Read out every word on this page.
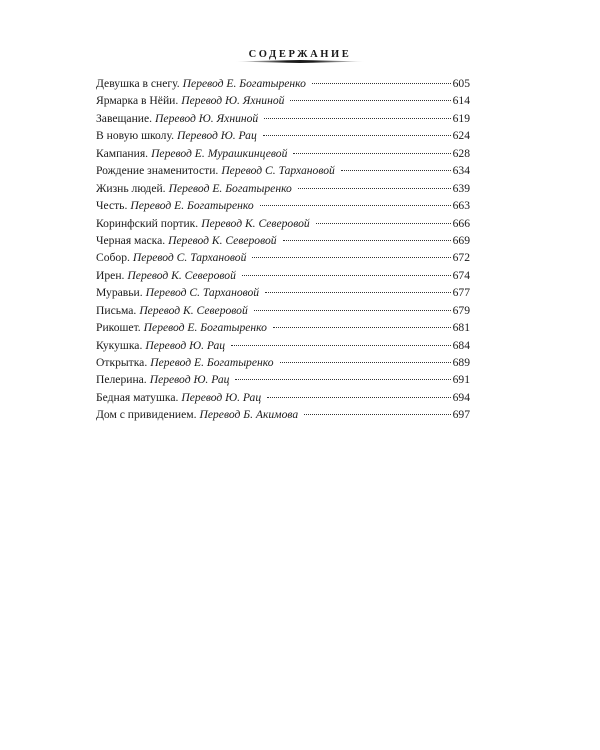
СОДЕРЖАНИЕ
Девушка в снегу. Перевод Е. Богатыренко	605
Ярмарка в Нёйи. Перевод Ю. Яхниной	614
Завещание. Перевод Ю. Яхниной	619
В новую школу. Перевод Ю. Рац	624
Кампания. Перевод Е. Мурашкинцевой	628
Рождение знаменитости. Перевод С. Тархановой	634
Жизнь людей. Перевод Е. Богатыренко	639
Честь. Перевод Е. Богатыренко	663
Коринфский портик. Перевод К. Северовой	666
Черная маска. Перевод К. Северовой	669
Собор. Перевод С. Тархановой	672
Ирен. Перевод К. Северовой	674
Муравьи. Перевод С. Тархановой	677
Письма. Перевод К. Северовой	679
Рикошет. Перевод Е. Богатыренко	681
Кукушка. Перевод Ю. Рац	684
Открытка. Перевод Е. Богатыренко	689
Пелерина. Перевод Ю. Рац	691
Бедная матушка. Перевод Ю. Рац	694
Дом с привидением. Перевод Б. Акимова	697
